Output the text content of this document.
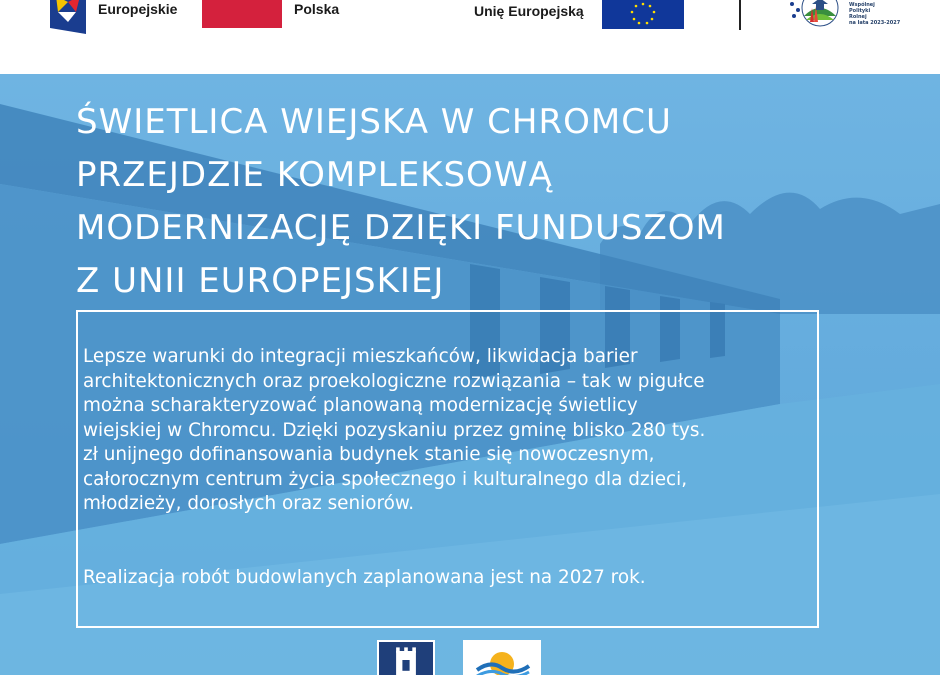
Europejskie	Polska	Unię Europejską	Wspólnej
Polityki
Rolnej
na lata 2023-2027
ŚWIETLICA WIEJSKA W CHROMCU
PRZEJDZIE KOMPLEKSOWĄ
MODERNIZACJĘ DZIĘKI FUNDUSZOM
Z UNII EUROPEJSKIEJ
Lepsze warunki do integracji mieszkańców, likwidacja barier
architektonicznych oraz proekologiczne rozwiązania – tak w pigułce
można scharakteryzować planowaną modernizację świetlicy
wiejskiej w Chromcu. Dzięki pozyskaniu przez gminę blisko 280 tys.
zł unijnego dofinansowania budynek stanie się nowoczesnym,
całorocznym centrum życia społecznego i kulturalnego dla dzieci,
młodzieży, dorosłych oraz seniorów.
Realizacja robót budowlanych zaplanowana jest na 2027 rok.
